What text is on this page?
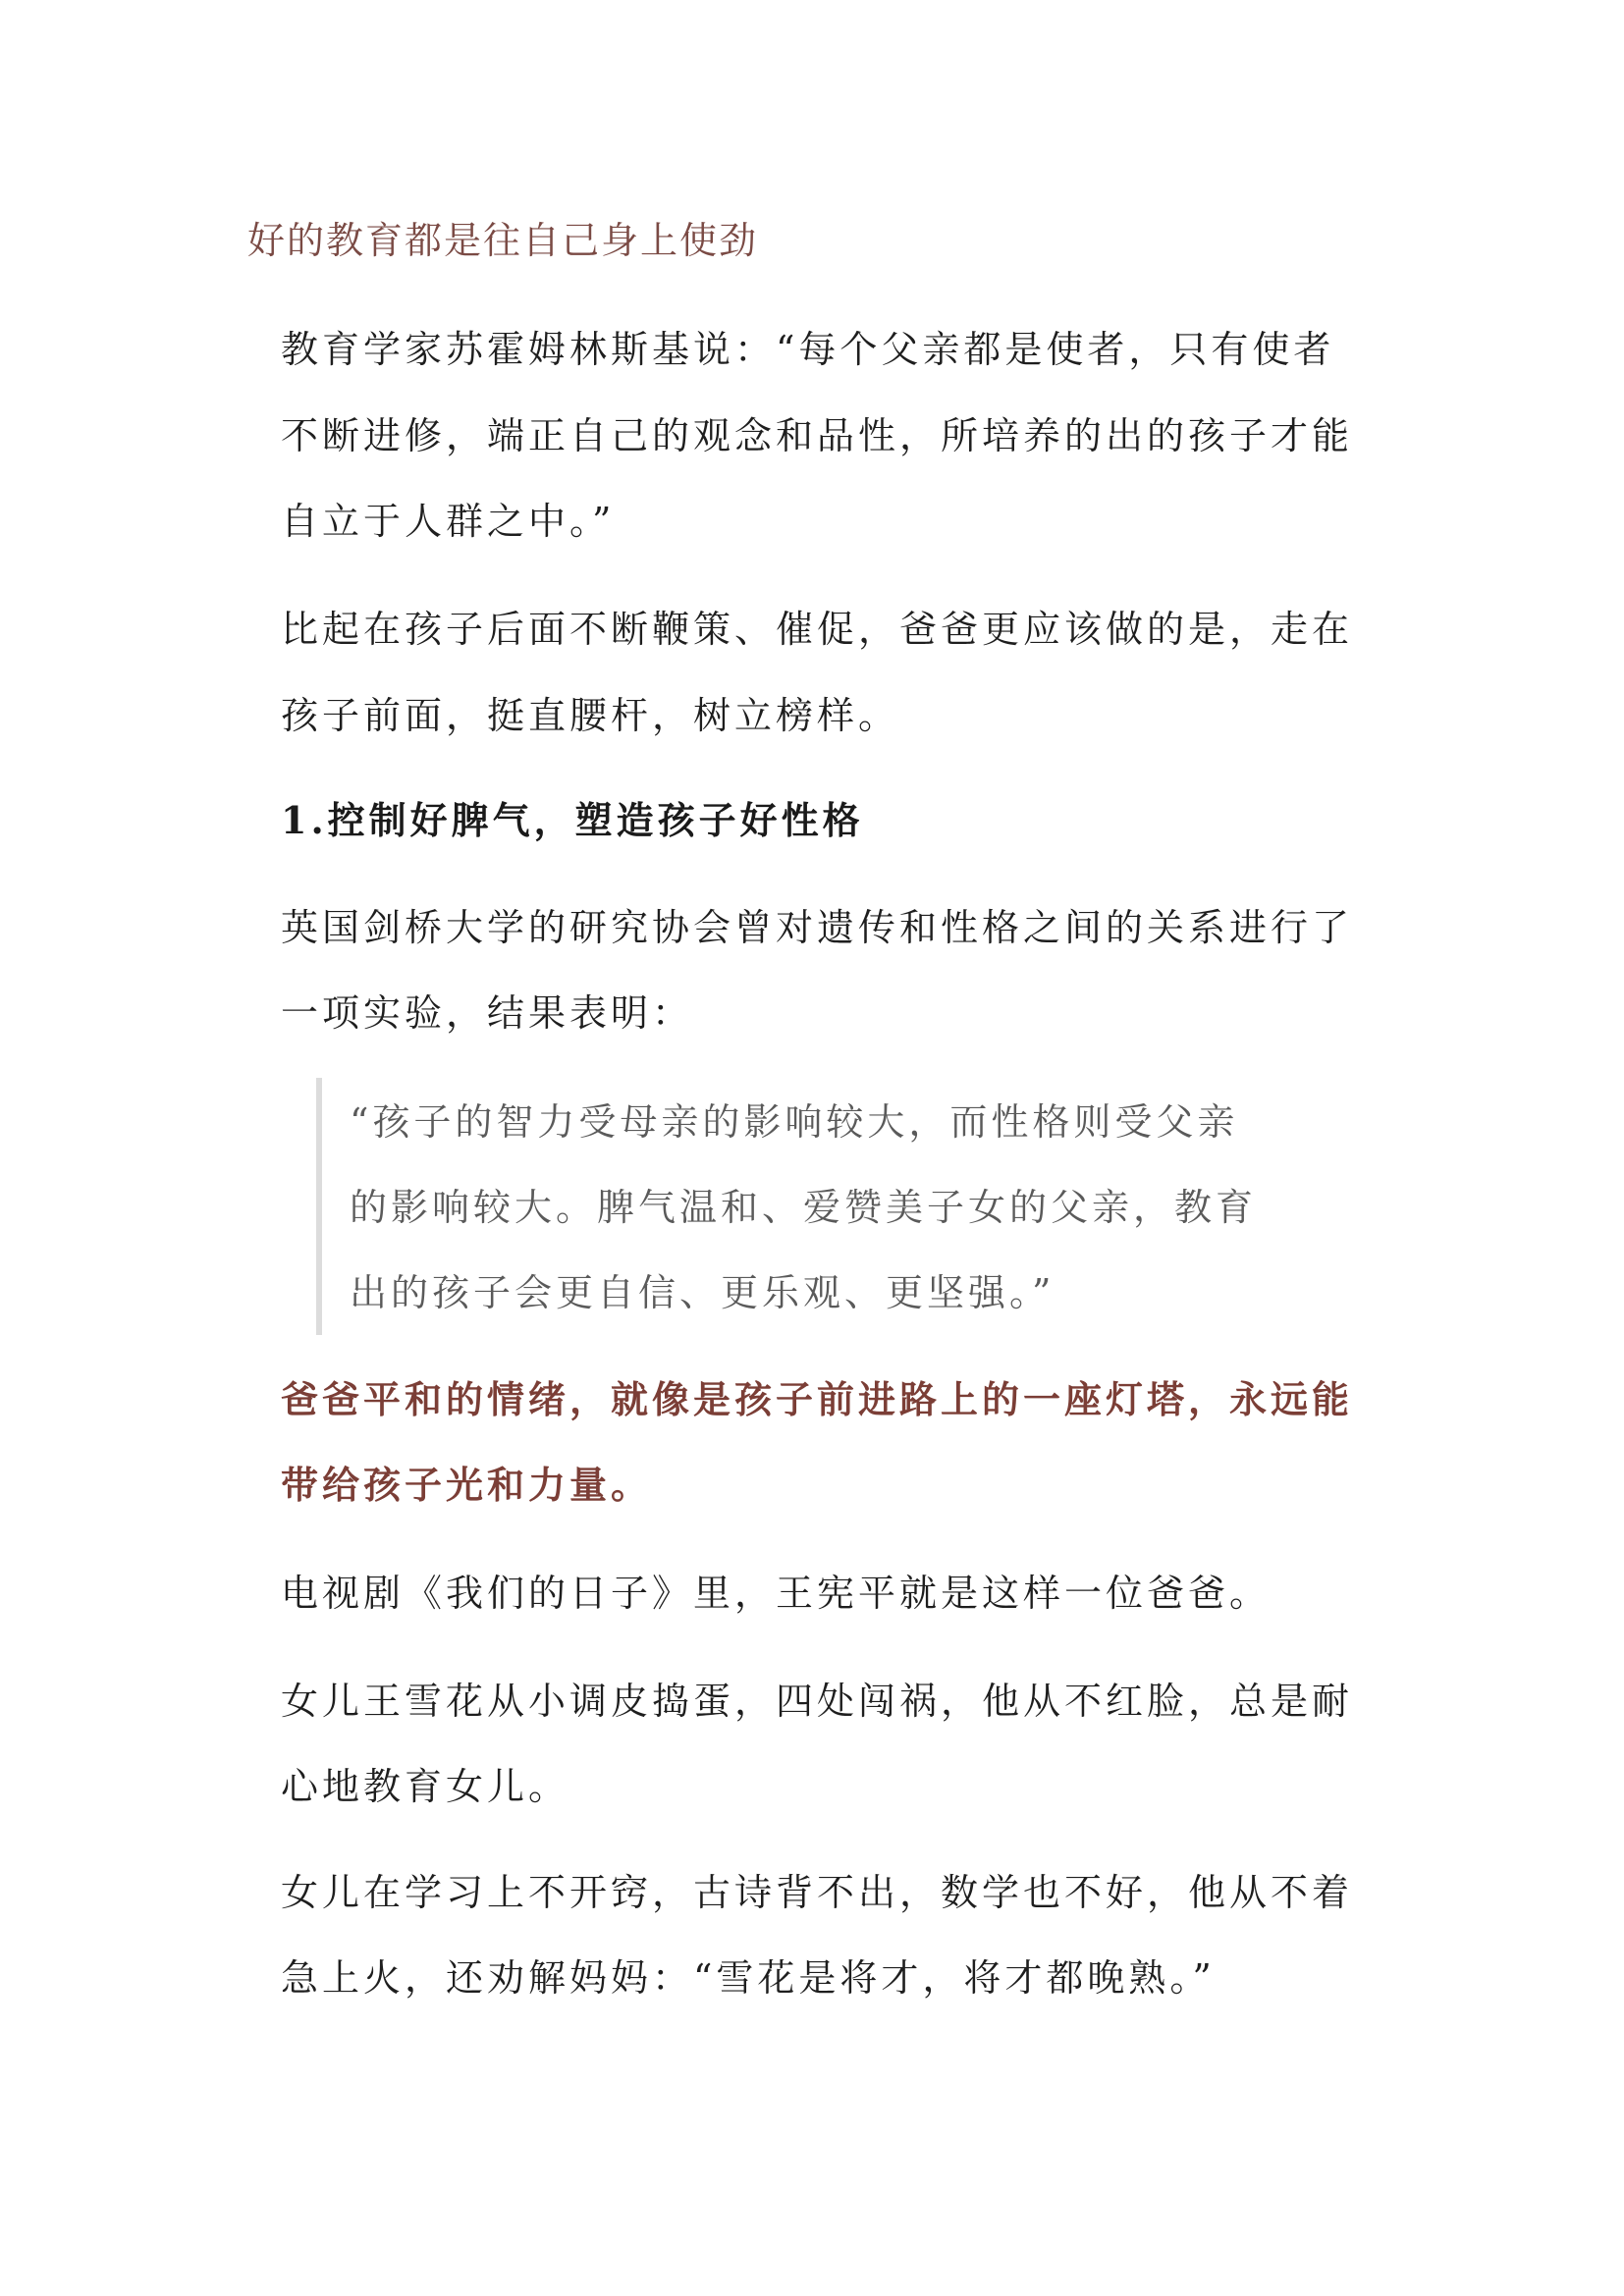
好的教育都是往自己身上使劲
教育学家苏霍姆林斯基说：“每个父亲都是使者，只有使者
不断进修，端正自己的观念和品性，所培养的出的孩子才能
自立于人群之中。”
比起在孩子后面不断鞭策、催促，爸爸更应该做的是，走在
孩子前面，挺直腰杆，树立榜样。
1.控制好脾气，塑造孩子好性格
英国剑桥大学的研究协会曾对遗传和性格之间的关系进行了
一项实验，结果表明：
“孩子的智力受母亲的影响较大，而性格则受父亲
的影响较大。脾气温和、爱赞美子女的父亲，教育
出的孩子会更自信、更乐观、更坚强。”
爸爸平和的情绪，就像是孩子前进路上的一座灯塔，永远能
带给孩子光和力量。
电视剧《我们的日子》里，王宪平就是这样一位爸爸。
女儿王雪花从小调皮捣蛋，四处闯祸，他从不红脸，总是耐
心地教育女儿。
女儿在学习上不开窍，古诗背不出，数学也不好，他从不着
急上火，还劝解妈妈：“雪花是将才，将才都晚熟。”
